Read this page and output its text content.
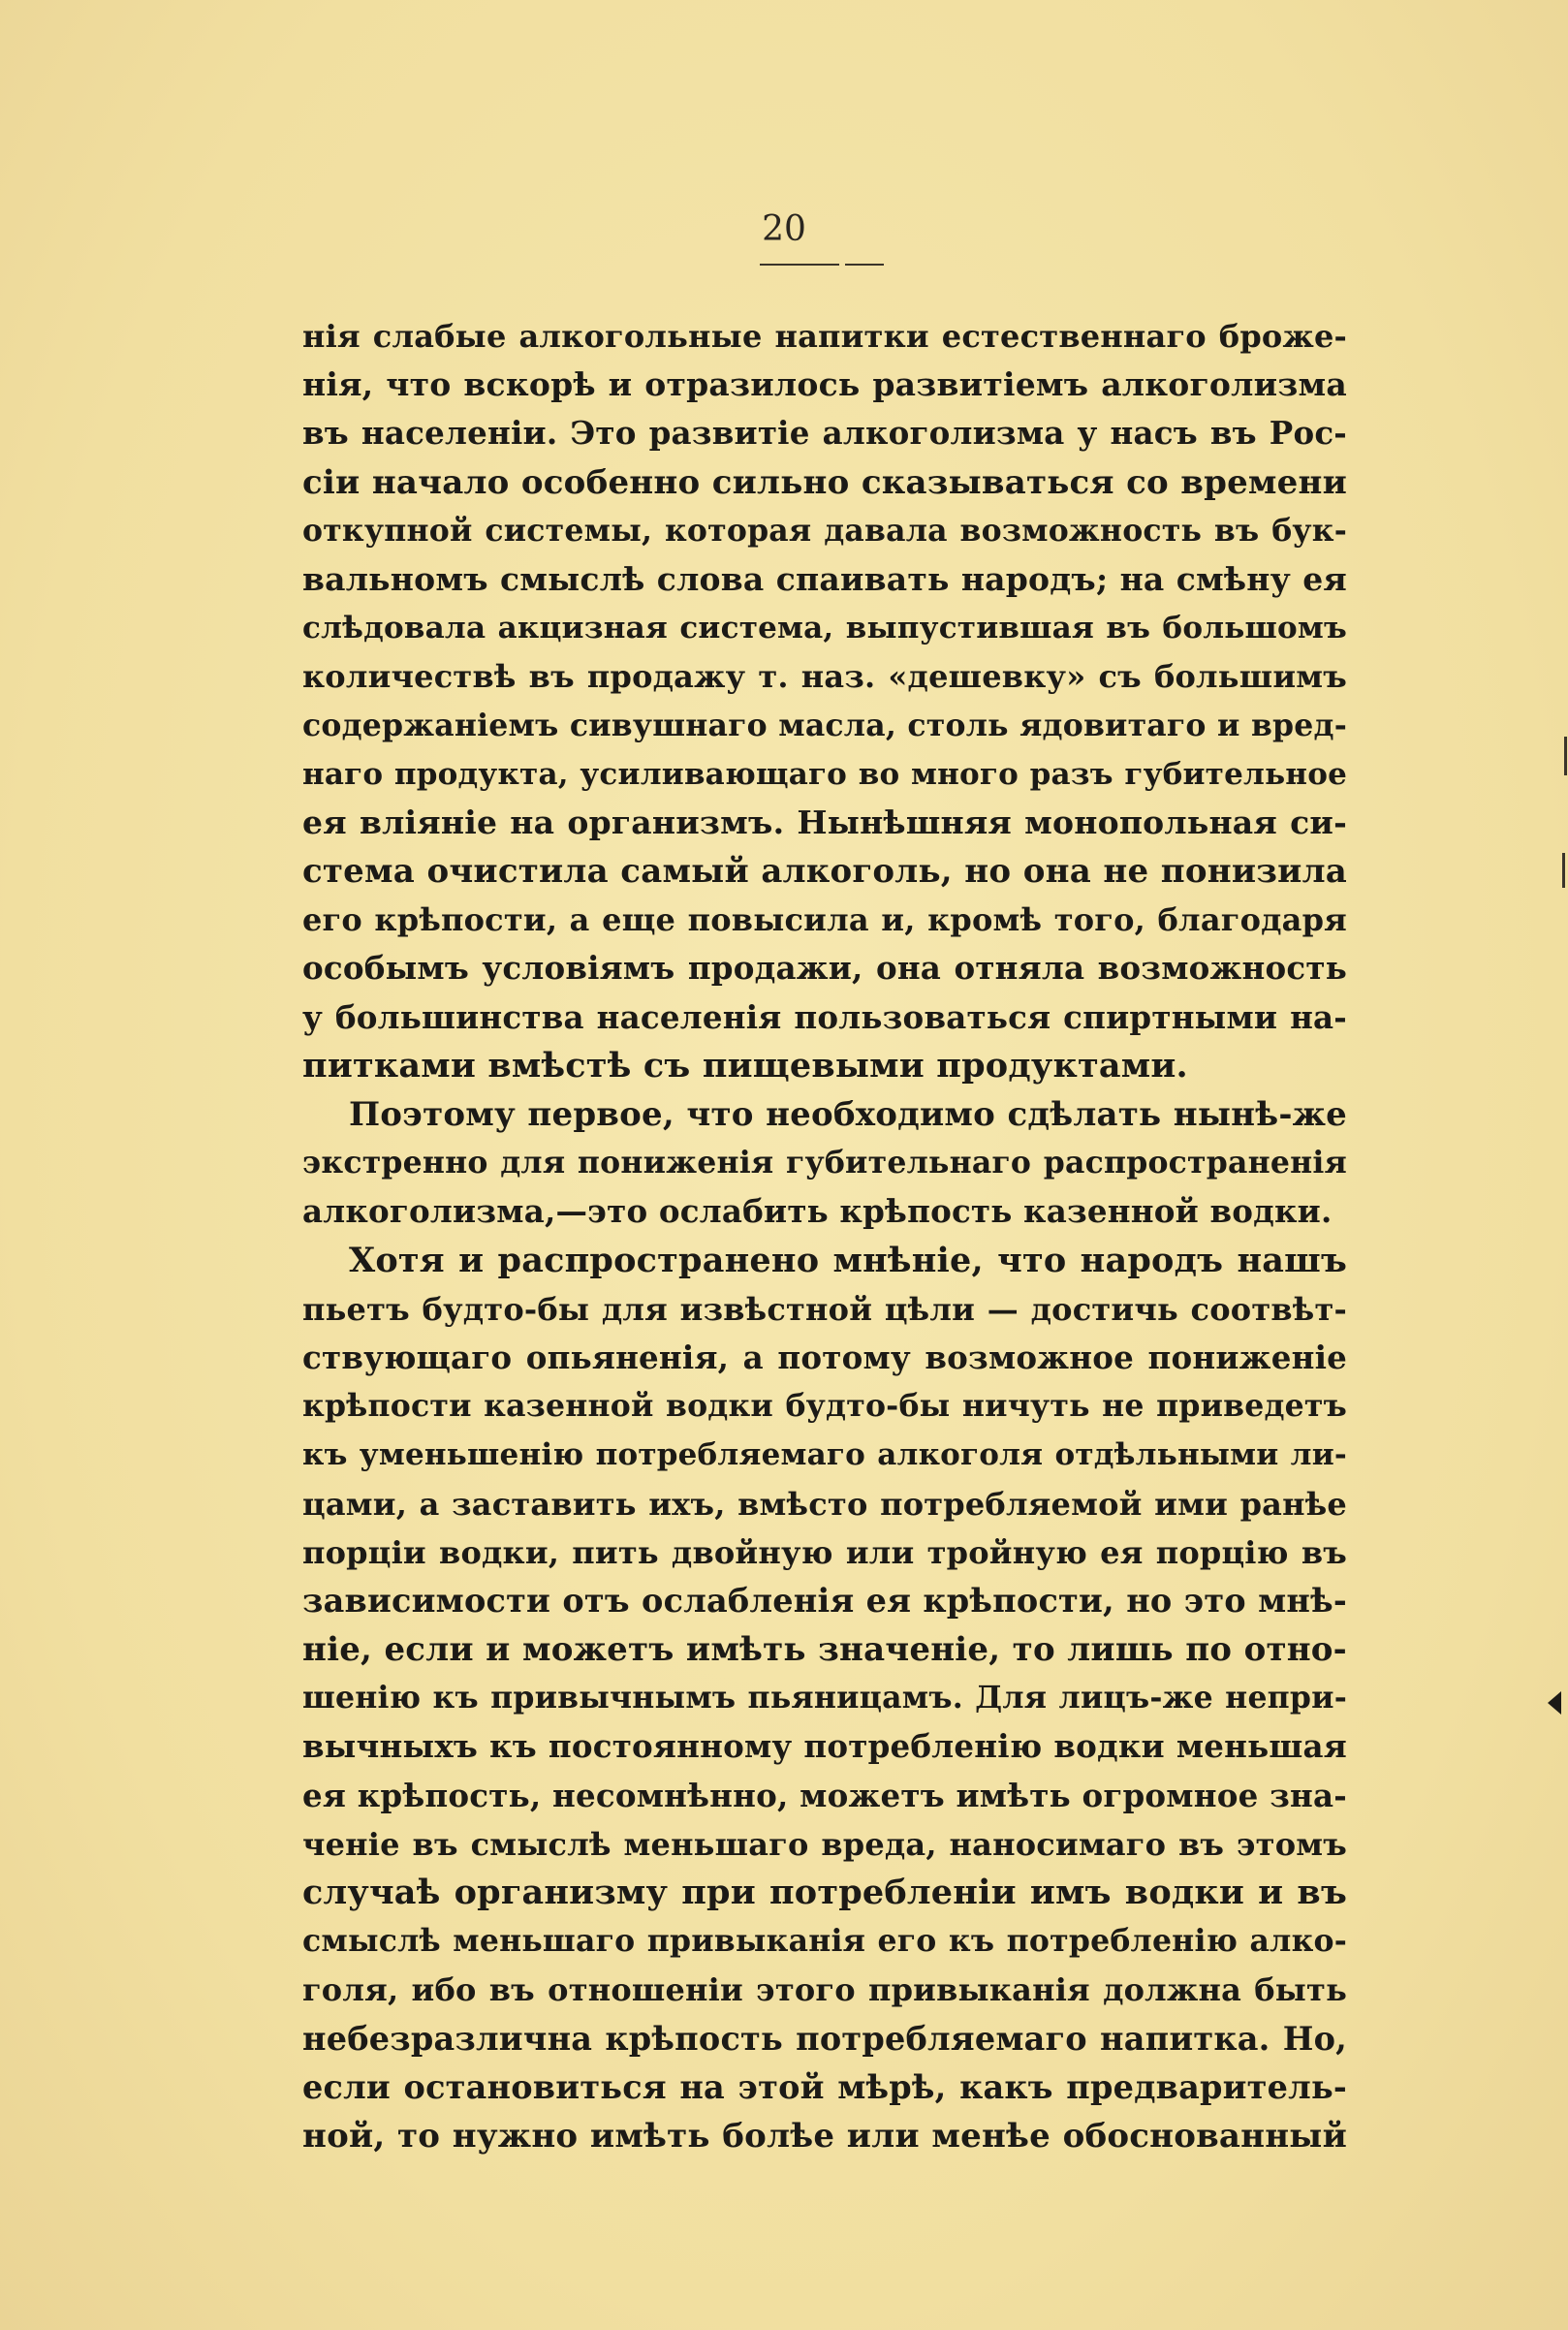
20
нія слабые алкогольные напитки естественнаго броже-
нія, что вскорѣ и отразилось развитіемъ алкоголизма
въ населеніи. Это развитіе алкоголизма у насъ въ Рос-
сіи начало особенно сильно сказываться со времени
откупной системы, которая давала возможность въ бук-
вальномъ смыслѣ слова спаивать народъ; на смѣну ея
слѣдовала акцизная система, выпустившая въ большомъ
количествѣ въ продажу т. наз. «дешевку» съ большимъ
содержаніемъ сивушнаго масла, столь ядовитаго и вред-
наго продукта, усиливающаго во много разъ губительное
ея вліяніе на организмъ. Нынѣшняя монопольная си-
стема очистила самый алкоголь, но она не понизила
его крѣпости, а еще повысила и, кромѣ того, благодаря
особымъ условіямъ продажи, она отняла возможность
у большинства населенія пользоваться спиртными на-
питками вмѣстѣ съ пищевыми продуктами.
Поэтому первое, что необходимо сдѣлать нынѣ-же
экстренно для пониженія губительнаго распространенія
алкоголизма,—это ослабить крѣпость казенной водки.
Хотя и распространено мнѣніе, что народъ нашъ
пьетъ будто-бы для извѣстной цѣли — достичь соотвѣт-
ствующаго опьяненія, а потому возможное пониженіе
крѣпости казенной водки будто-бы ничуть не приведетъ
къ уменьшенію потребляемаго алкоголя отдѣльными ли-
цами, а заставить ихъ, вмѣсто потребляемой ими ранѣе
порціи водки, пить двойную или тройную ея порцію въ
зависимости отъ ослабленія ея крѣпости, но это мнѣ-
ніе, если и можетъ имѣть значеніе, то лишь по отно-
шенію къ привычнымъ пьяницамъ. Для лицъ-же непри-
вычныхъ къ постоянному потребленію водки меньшая
ея крѣпость, несомнѣнно, можетъ имѣть огромное зна-
ченіе въ смыслѣ меньшаго вреда, наносимаго въ этомъ
случаѣ организму при потребленіи имъ водки и въ
смыслѣ меньшаго привыканія его къ потребленію алко-
голя, ибо въ отношеніи этого привыканія должна быть
небезразлична крѣпость потребляемаго напитка. Но,
если остановиться на этой мѣрѣ, какъ предваритель-
ной, то нужно имѣть болѣе или менѣе обоснованный
